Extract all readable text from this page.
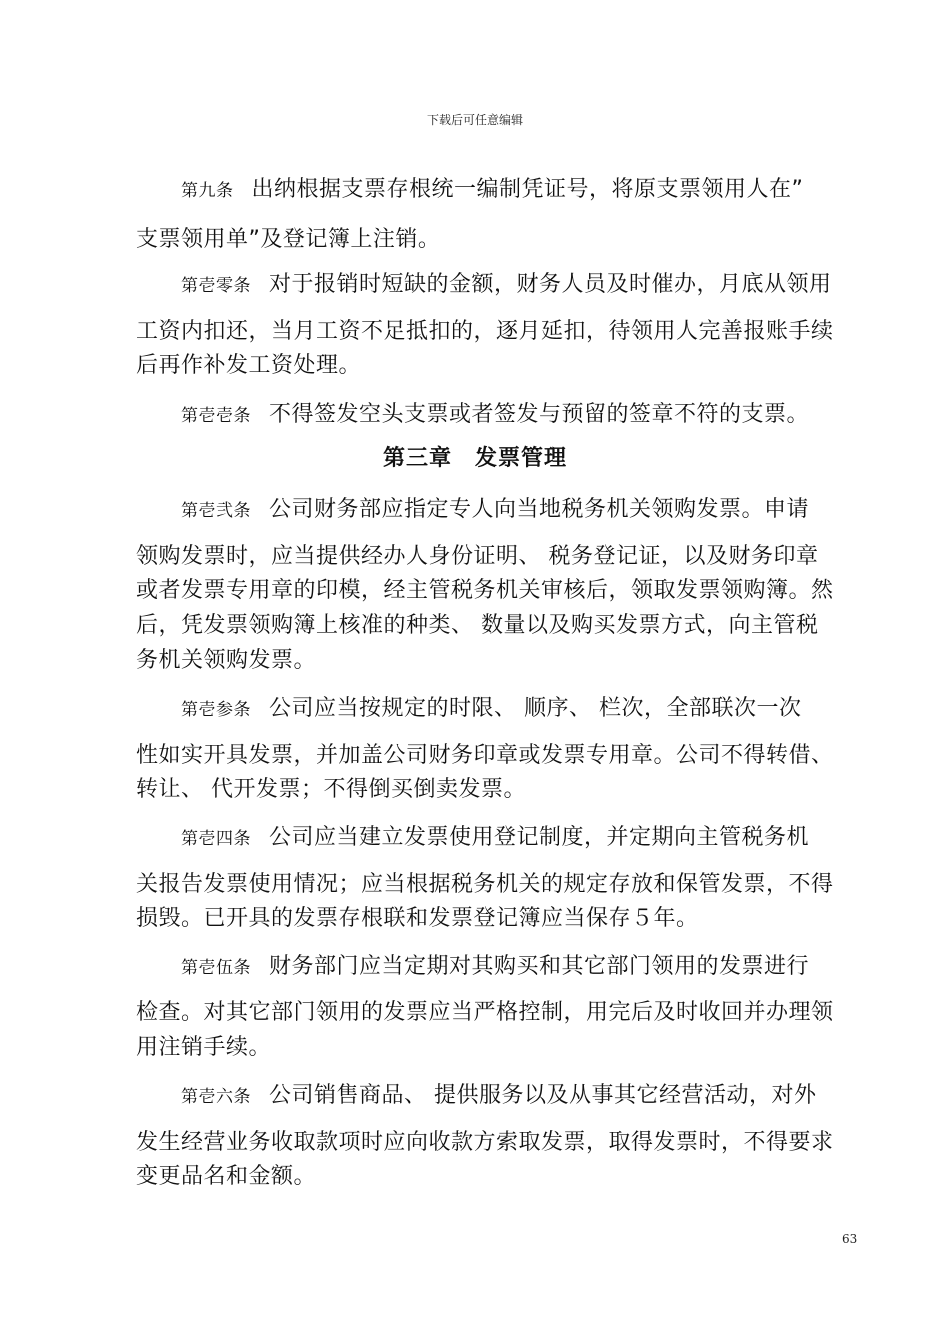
下载后可任意编辑
第九条 出纳根据支票存根统一编制凭证号，将原支票领用人在”
支票领用单”及登记簿上注销。
第壱零条 对于报销时短缺的金额，财务人员及时催办，月底从领用
工资内扣还，当月工资不足抵扣的，逐月延扣，待领用人完善报账手续
后再作补发工资处理。
第壱壱条 不得签发空头支票或者签发与预留的签章不符的支票。
第三章　发票管理
第壱弐条 公司财务部应指定专人向当地税务机关领购发票。申请
领购发票时，应当提供经办人身份证明、 税务登记证，以及财务印章
或者发票专用章的印模，经主管税务机关审核后，领取发票领购簿。然
后，凭发票领购簿上核准的种类、 数量以及购买发票方式，向主管税
务机关领购发票。
第壱参条 公司应当按规定的时限、 顺序、 栏次，全部联次一次
性如实开具发票，并加盖公司财务印章或发票专用章。公司不得转借、
转让、 代开发票；不得倒买倒卖发票。
第壱四条 公司应当建立发票使用登记制度，并定期向主管税务机
关报告发票使用情况；应当根据税务机关的规定存放和保管发票，不得
损毁。已开具的发票存根联和发票登记簿应当保存５年。
第壱伍条 财务部门应当定期对其购买和其它部门领用的发票进行
检查。对其它部门领用的发票应当严格控制，用完后及时收回并办理领
用注销手续。
第壱六条 公司销售商品、 提供服务以及从事其它经营活动，对外
发生经营业务收取款项时应向收款方索取发票，取得发票时，不得要求
变更品名和金额。
63
